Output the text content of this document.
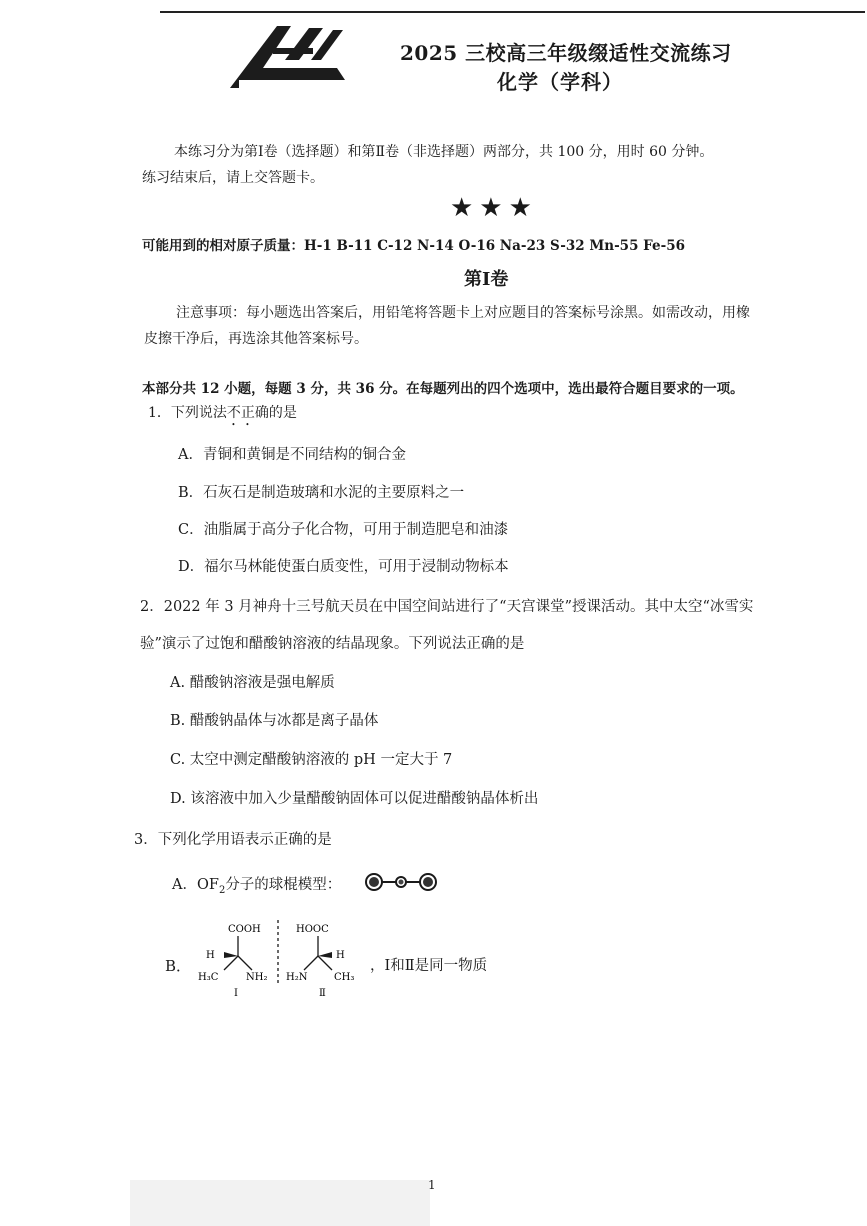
2025 三校高三年级缀适性交流练习
化学（学科）
本练习分为第Ⅰ卷（选择题）和第Ⅱ卷（非选择题）两部分，共 100 分，用时 60 分钟。
练习结束后，请上交答题卡。
★★★
可能用到的相对原子质量：H-1 B-11 C-12 N-14 O-16 Na-23 S-32 Mn-55 Fe-56
第Ⅰ卷
注意事项：每小题选出答案后，用铅笔将答题卡上对应题目的答案标号涂黑。如需改动，用橡
皮擦干净后，再选涂其他答案标号。
本部分共 12 小题，每题 3 分，共 36 分。在每题列出的四个选项中，选出最符合题目要求的一项。
1．下列说法不正确的是
A．青铜和黄铜是不同结构的铜合金
B．石灰石是制造玻璃和水泥的主要原料之一
C．油脂属于高分子化合物，可用于制造肥皂和油漆
D．福尔马林能使蛋白质变性，可用于浸制动物标本
2．2022 年 3 月神舟十三号航天员在中国空间站进行了“天宫课堂”授课活动。其中太空“冰雪实
验”演示了过饱和醋酸钠溶液的结晶现象。下列说法正确的是
A. 醋酸钠溶液是强电解质
B. 醋酸钠晶体与冰都是离子晶体
C. 太空中测定醋酸钠溶液的 pH 一定大于 7
D. 该溶液中加入少量醋酸钠固体可以促进醋酸钠晶体析出
3．下列化学用语表示正确的是
A．$OF_2$分子的球棍模型：
B．
COOH
H
H₃C	NH₂
Ⅰ
HOOC
H
H₂N	CH₃
Ⅱ
，Ⅰ和Ⅱ是同一物质
1
